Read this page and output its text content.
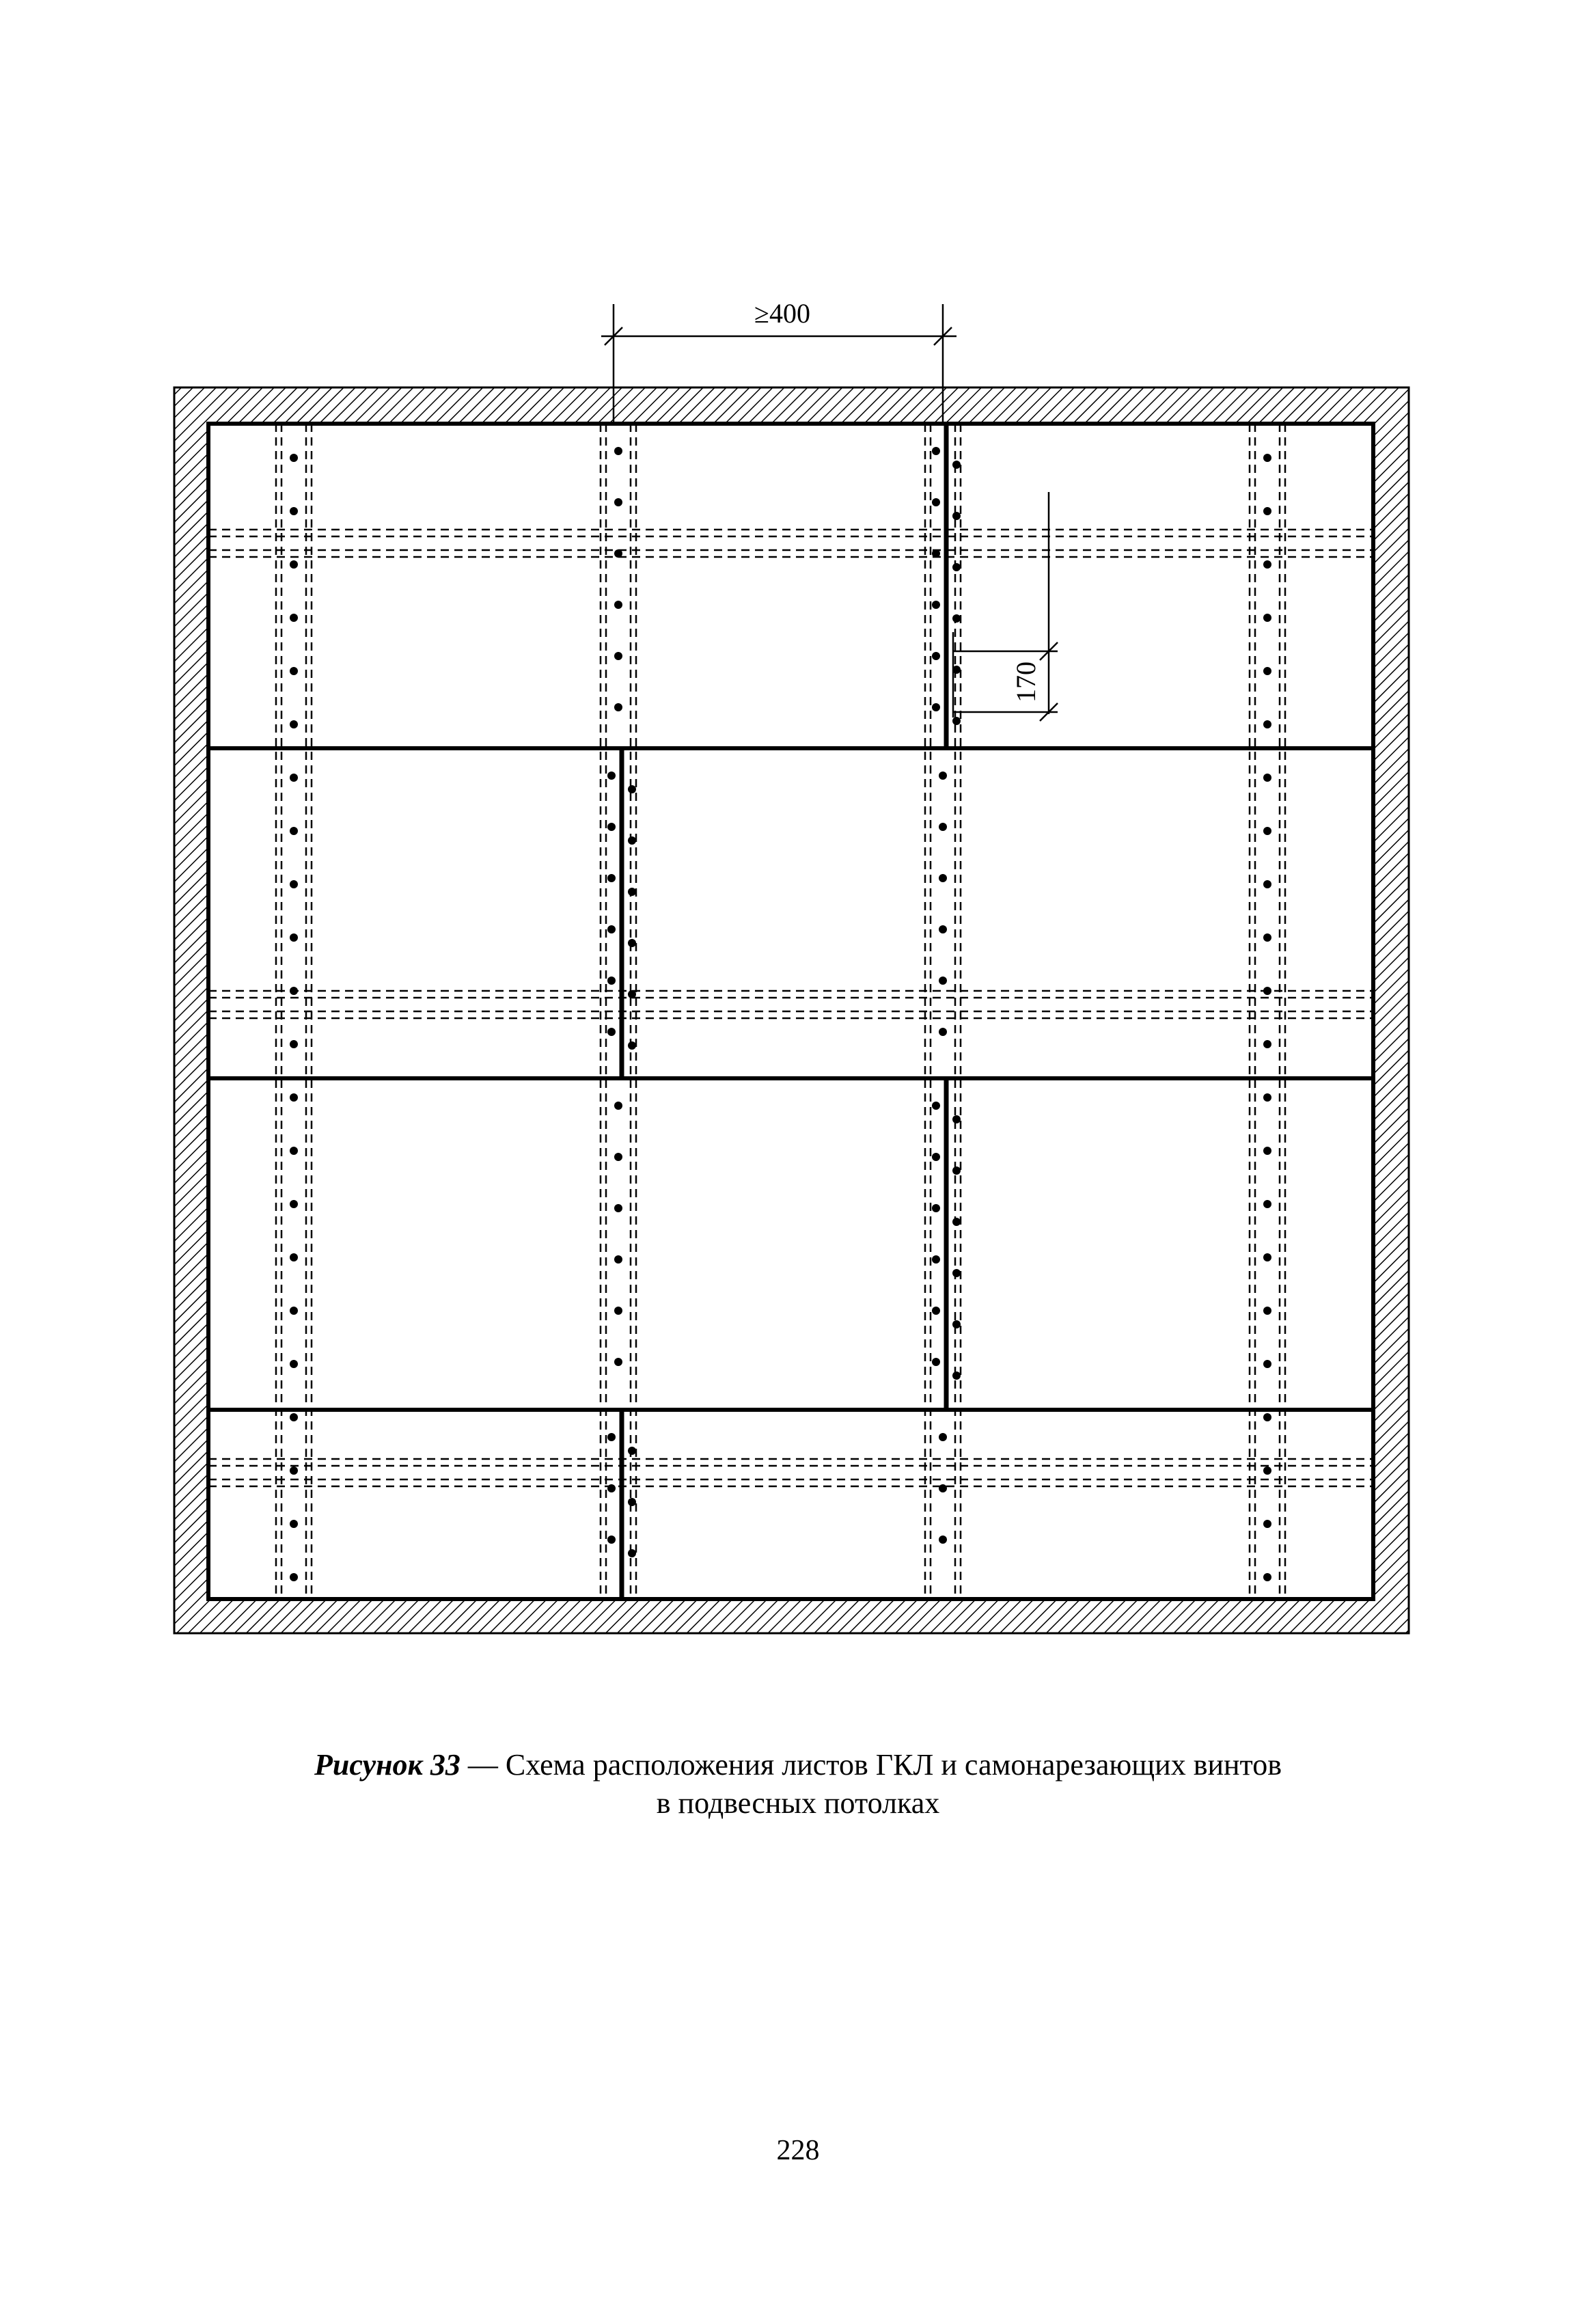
≥400
170
Рисунок 33 — Схема расположения листов ГКЛ и самонарезающих винтов
в подвесных потолках
228
